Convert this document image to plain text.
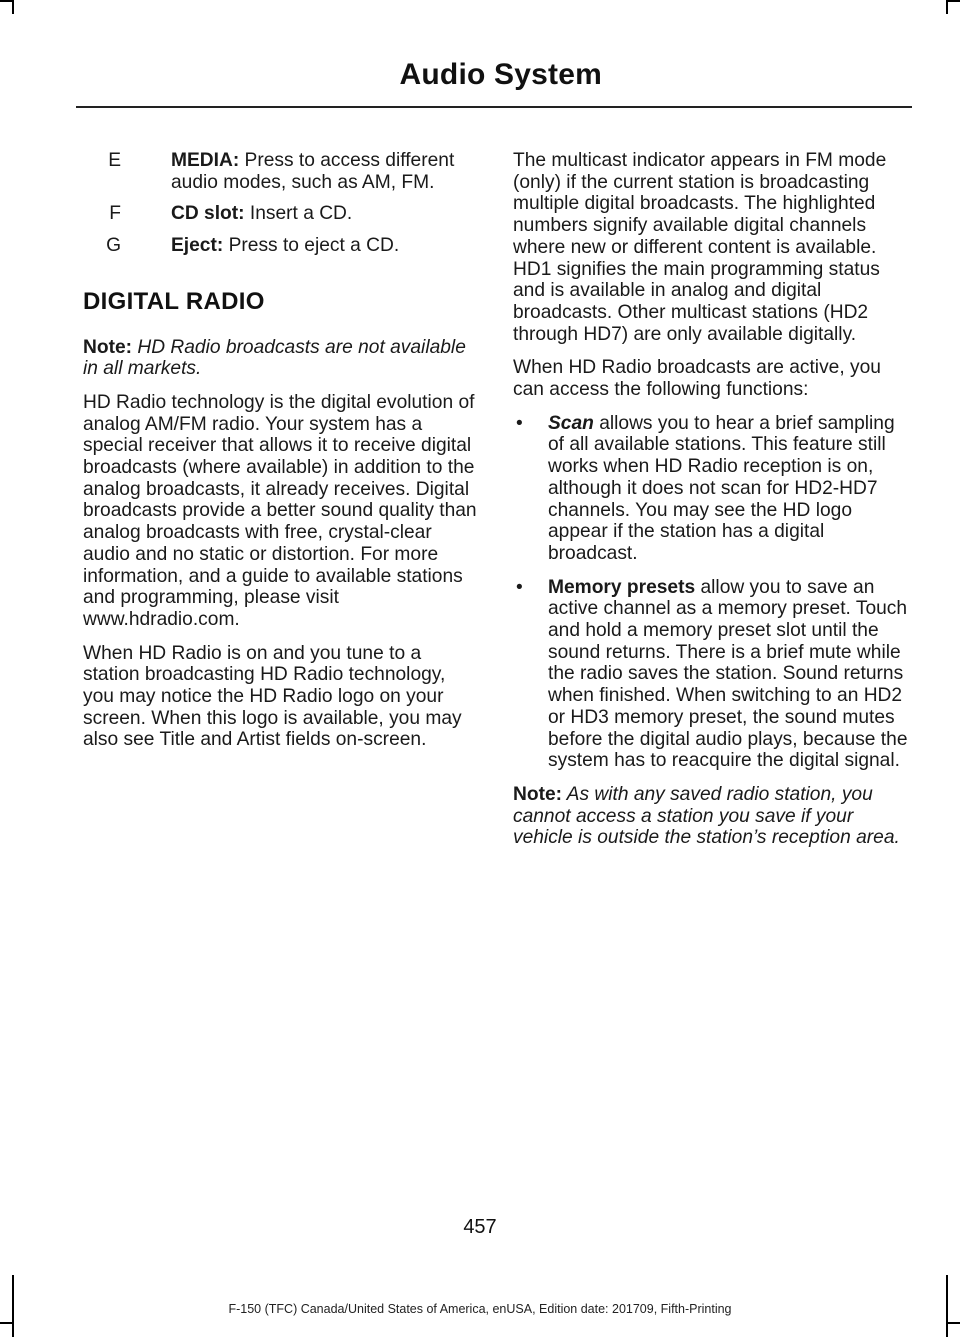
Audio System
E	MEDIA: Press to access different audio modes, such as AM, FM.
F	CD slot: Insert a CD.
G	Eject: Press to eject a CD.
DIGITAL RADIO

Note: HD Radio broadcasts are not available in all markets.

HD Radio technology is the digital evolution of analog AM/FM radio. Your system has a special receiver that allows it to receive digital broadcasts (where available) in addition to the analog broadcasts, it already receives. Digital broadcasts provide a better sound quality than analog broadcasts with free, crystal-clear audio and no static or distortion. For more information, and a guide to available stations and programming, please visit www.hdradio.com.

When HD Radio is on and you tune to a station broadcasting HD Radio technology, you may notice the HD Radio logo on your screen. When this logo is available, you may also see Title and Artist fields on-screen.

The multicast indicator appears in FM mode (only) if the current station is broadcasting multiple digital broadcasts. The highlighted numbers signify available digital channels where new or different content is available. HD1 signifies the main programming status and is available in analog and digital broadcasts. Other multicast stations (HD2 through HD7) are only available digitally.

When HD Radio broadcasts are active, you can access the following functions:

• Scan allows you to hear a brief sampling of all available stations. This feature still works when HD Radio reception is on, although it does not scan for HD2-HD7 channels. You may see the HD logo appear if the station has a digital broadcast.
• Memory presets allow you to save an active channel as a memory preset. Touch and hold a memory preset slot until the sound returns. There is a brief mute while the radio saves the station. Sound returns when finished. When switching to an HD2 or HD3 memory preset, the sound mutes before the digital audio plays, because the system has to reacquire the digital signal.

Note: As with any saved radio station, you cannot access a station you save if your vehicle is outside the station’s reception area.

457
F-150 (TFC) Canada/United States of America, enUSA, Edition date: 201709, Fifth-Printing
